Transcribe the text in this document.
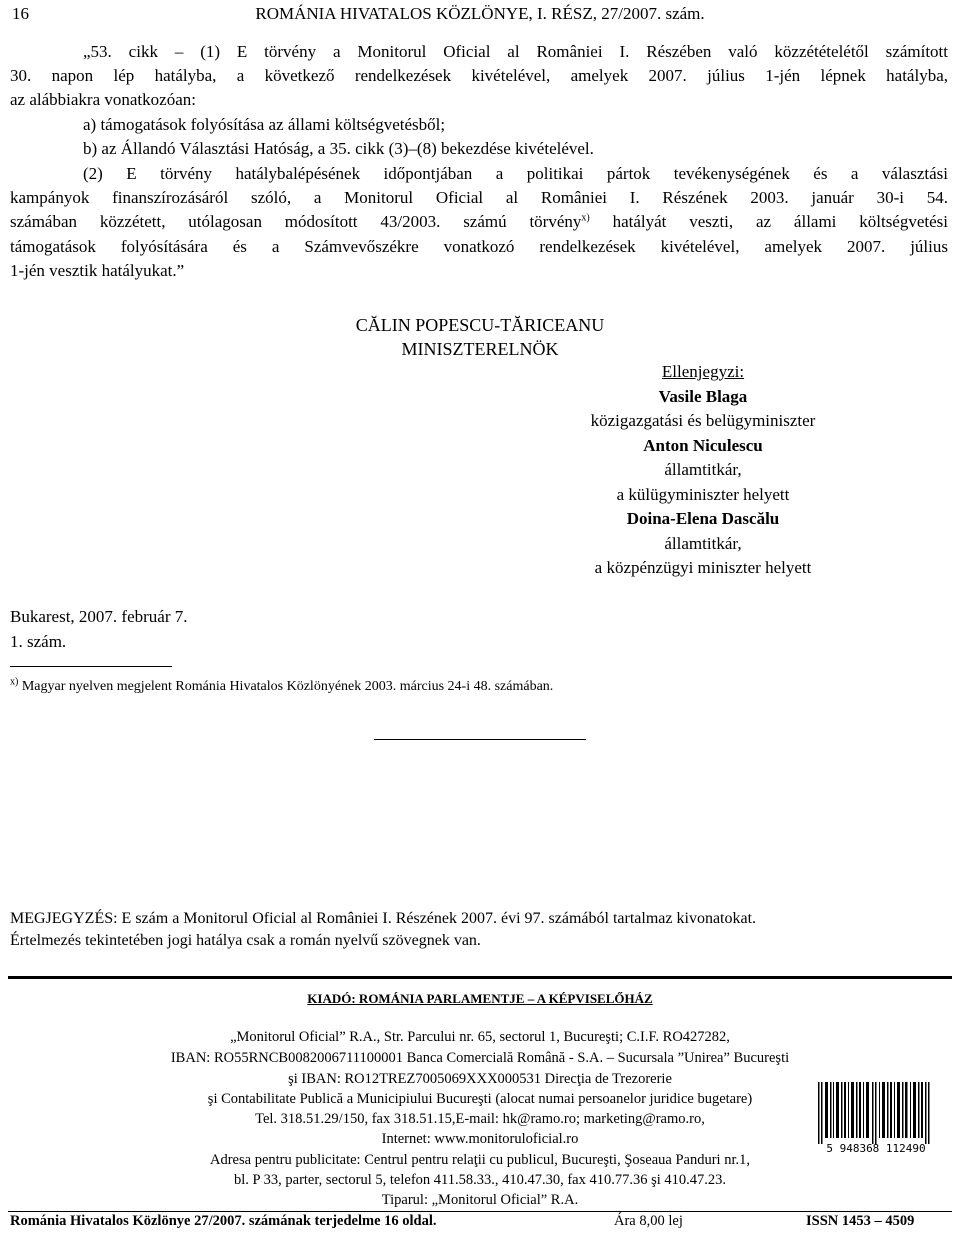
16	ROMÁNIA HIVATALOS KÖZLÖNYE, I. RÉSZ, 27/2007. szám.
„53. cikk – (1) E törvény a Monitorul Oficial al României I. Részében való közzétételétől számított
30. napon lép hatályba, a következő rendelkezések kivételével, amelyek 2007. július 1-jén lépnek hatályba,
az alábbiakra vonatkozóan:
a) támogatások folyósítása az állami költségvetésből;
b) az Állandó Választási Hatóság, a 35. cikk (3)–(8) bekezdése kivételével.
(2) E törvény hatálybalépésének időpontjában a politikai pártok tevékenységének és a választási
kampányok finanszírozásáról szóló, a Monitorul Oficial al României I. Részének 2003. január 30-i 54.
számában közzétett, utólagosan módosított 43/2003. számú törvény$^{x)}$ hatályát veszti, az állami költségvetési
támogatások folyósítására és a Számvevőszékre vonatkozó rendelkezések kivételével, amelyek 2007. július
1-jén vesztik hatályukat.”
CĂLIN POPESCU-TĂRICEANU
MINISZTERELNÖK
Ellenjegyzi:
Vasile Blaga
közigazgatási és belügyminiszter
Anton Niculescu
államtitkár,
a külügyminiszter helyett
Doina-Elena Dascălu
államtitkár,
a közpénzügyi miniszter helyett
Bukarest, 2007. február 7.
1. szám.
$^{x)}$ Magyar nyelven megjelent Románia Hivatalos Közlönyének 2003. március 24-i 48. számában.
MEGJEGYZÉS: E szám a Monitorul Oficial al României I. Részének 2007. évi 97. számából tartalmaz kivonatokat.
Értelmezés tekintetében jogi hatálya csak a román nyelvű szövegnek van.
KIADÓ: ROMÁNIA PARLAMENTJE – A KÉPVISELŐHÁZ
„Monitorul Oficial” R.A., Str. Parcului nr. 65, sectorul 1, Bucureşti; C.I.F. RO427282,
IBAN: RO55RNCB0082006711100001 Banca Comercială Română - S.A. – Sucursala ”Unirea” Bucureşti
şi IBAN: RO12TREZ7005069XXX000531 Direcţia de Trezorerie
şi Contabilitate Publică a Municipiului Bucureşti (alocat numai persoanelor juridice bugetare)
Tel. 318.51.29/150, fax 318.51.15,E-mail: hk@ramo.ro; marketing@ramo.ro,
Internet: www.monitoruloficial.ro
Adresa pentru publicitate: Centrul pentru relaţii cu publicul, Bucureşti, Şoseaua Panduri nr.1,
bl. P 33, parter, sectorul 5, telefon 411.58.33., 410.47.30, fax 410.77.36 şi 410.47.23.
Tiparul: „Monitorul Oficial” R.A.
5 948368 112490
Románia Hivatalos Közlönye 27/2007. számának terjedelme 16 oldal.	Ára 8,00 lej	ISSN 1453 – 4509
